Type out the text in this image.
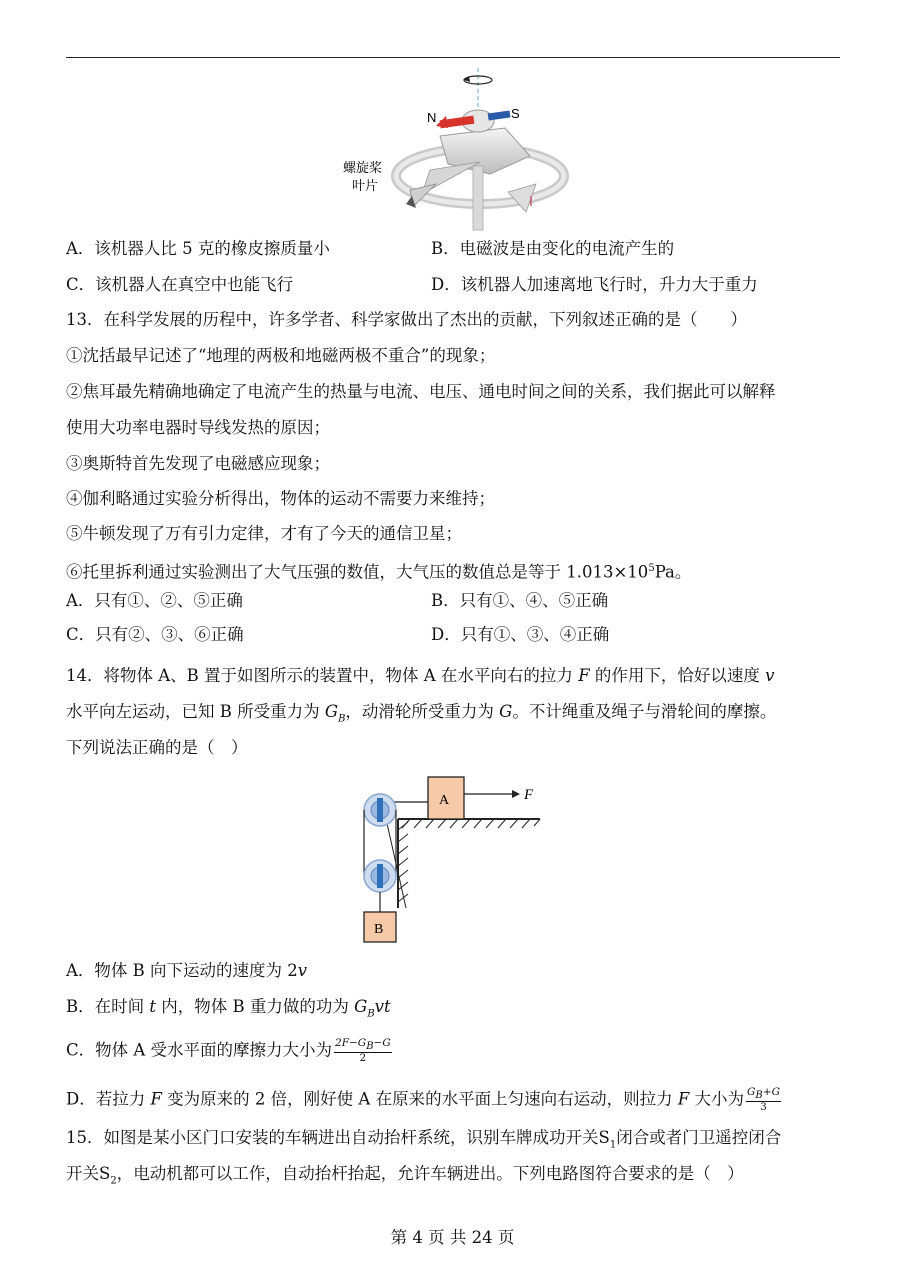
N	S
螺旋桨
叶片
A．该机器人比 5 克的橡皮擦质量小	B．电磁波是由变化的电流产生的
C．该机器人在真空中也能飞行	D．该机器人加速离地飞行时，升力大于重力
13．在科学发展的历程中，许多学者、科学家做出了杰出的贡献，下列叙述正确的是（　　）
①沈括最早记述了“地理的两极和地磁两极不重合”的现象；
②焦耳最先精确地确定了电流产生的热量与电流、电压、通电时间之间的关系，我们据此可以解释
使用大功率电器时导线发热的原因；
③奥斯特首先发现了电磁感应现象；
④伽利略通过实验分析得出，物体的运动不需要力来维持；
⑤牛顿发现了万有引力定律，才有了今天的通信卫星；
⑥托里拆利通过实验测出了大气压强的数值，大气压的数值总是等于 $1.013\times 10^5Pa$。
A．只有①、②、⑤正确	B．只有①、④、⑤正确
C．只有②、③、⑥正确	D．只有①、③、④正确
14．将物体 A、B 置于如图所示的装置中，物体 A 在水平向右的拉力 F 的作用下，恰好以速度 v
水平向左运动，已知 B 所受重力为 $G_B$，动滑轮所受重力为 G。不计绳重及绳子与滑轮间的摩擦。
下列说法正确的是（　）
A	F
B
A．物体 B 向下运动的速度为 2v
B．在时间 t 内，物体 B 重力做的功为 $G_Bvt$
C．物体 A 受水平面的摩擦力大小为 $\frac{2F-G_B-G}{2}$
D．若拉力 F 变为原来的 2 倍，刚好使 A 在原来的水平面上匀速向右运动，则拉力 F 大小为 $\frac{G_B+G}{3}$
15．如图是某小区门口安装的车辆进出自动抬杆系统，识别车牌成功开关$S_1$闭合或者门卫遥控闭合
开关$S_2$，电动机都可以工作，自动抬杆抬起，允许车辆进出。下列电路图符合要求的是（　）
第 4 页 共 24 页
